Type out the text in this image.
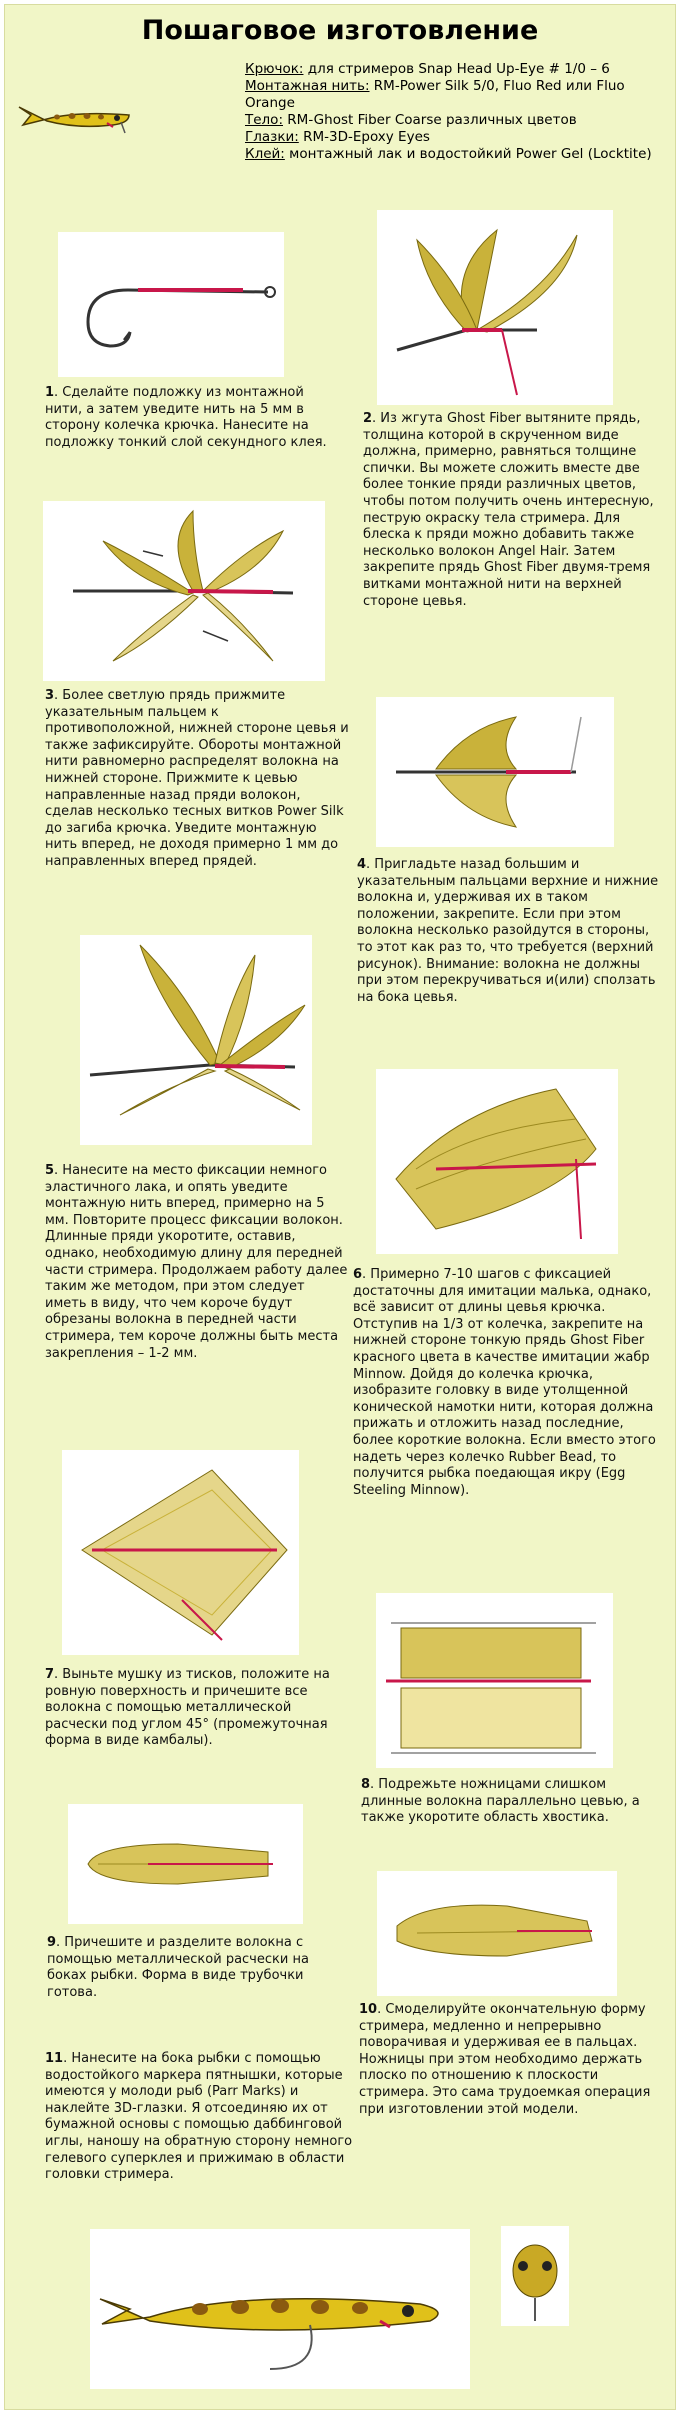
Пошаговое изготовление
Крючок: для стримеров Snap Head Up-Eye # 1/0 – 6
Монтажная нить: RM-Power Silk 5/0, Fluo Red или Fluo Orange
Тело: RM-Ghost Fiber Coarse различных цветов
Глазки: RM-3D-Epoxy Eyes
Клей: монтажный лак и водостойкий Power Gel (Locktite)
1. Сделайте подложку из монтажной нити, а затем уведите нить на 5 мм в сторону колечка крючка. Нанесите на подложку тонкий слой секундного клея.
2. Из жгута Ghost Fiber вытяните прядь, толщина которой в скрученном виде должна, примерно, равняться толщине спички. Вы можете сложить вместе две более тонкие пряди различных цветов, чтобы потом получить очень интересную, пеструю окраску тела стримера. Для блеска к пряди можно добавить также несколько волокон Angel Hair. Затем закрепите прядь Ghost Fiber двумя-тремя витками монтажной нити на верхней стороне цевья.
3. Более светлую прядь прижмите указательным пальцем к противоположной, нижней стороне цевья и также зафиксируйте. Обороты монтажной нити равномерно распределят волокна на нижней стороне. Прижмите к цевью направленные назад пряди волокон, сделав несколько тесных витков Power Silk до загиба крючка. Уведите монтажную нить вперед, не доходя примерно 1 мм до направленных вперед прядей.	4. Пригладьте назад большим и указательным пальцами верхние и нижние волокна и, удерживая их в таком положении, закрепите. Если при этом волокна несколько разойдутся в стороны, то этот как раз то, что требуется (верхний рисунок). Внимание: волокна не должны при этом перекручиваться и(или) сползать на бока цевья.
5. Нанесите на место фиксации немного эластичного лака, и опять уведите монтажную нить вперед, примерно на 5 мм. Повторите процесс фиксации волокон. Длинные пряди укоротите, оставив, однако, необходимую длину для передней части стримера. Продолжаем работу далее таким же методом, при этом следует иметь в виду, что чем короче будут обрезаны волокна в передней части стримера, тем короче должны быть места закрепления – 1-2 мм.
6. Примерно 7-10 шагов с фиксацией достаточны для имитации малька, однако, всё зависит от длины цевья крючка. Отступив на 1/3 от колечка, закрепите на нижней стороне тонкую прядь Ghost Fiber красного цвета в качестве имитации жабр Minnow. Дойдя до колечка крючка, изобразите головку в виде утолщенной конической намотки нити, которая должна прижать и отложить назад последние, более короткие волокна. Если вместо этого надеть через колечко Rubber Bead, то получится рыбка поедающая икру (Egg Steeling Minnow).
7. Выньте мушку из тисков, положите на ровную поверхность и причешите все волокна с помощью металлической расчески под углом 45° (промежуточная форма в виде камбалы).
8. Подрежьте ножницами слишком длинные волокна параллельно цевью, а также укоротите область хвостика.
9. Причешите и разделите волокна с помощью металлической расчески на боках рыбки. Форма в виде трубочки готова.
10. Смоделируйте окончательную форму стримера, медленно и непрерывно поворачивая и удерживая ее в пальцах. Ножницы при этом необходимо держать плоско по отношению к плоскости стримера. Это сама трудоемкая операция при изготовлении этой модели.
11. Нанесите на бока рыбки с помощью водостойкого маркера пятнышки, которые имеются у молоди рыб (Parr Marks) и наклейте 3D-глазки. Я отсоединяю их от бумажной основы с помощью даббинговой иглы, наношу на обратную сторону немного гелевого суперклея и прижимаю в области головки стримера.
